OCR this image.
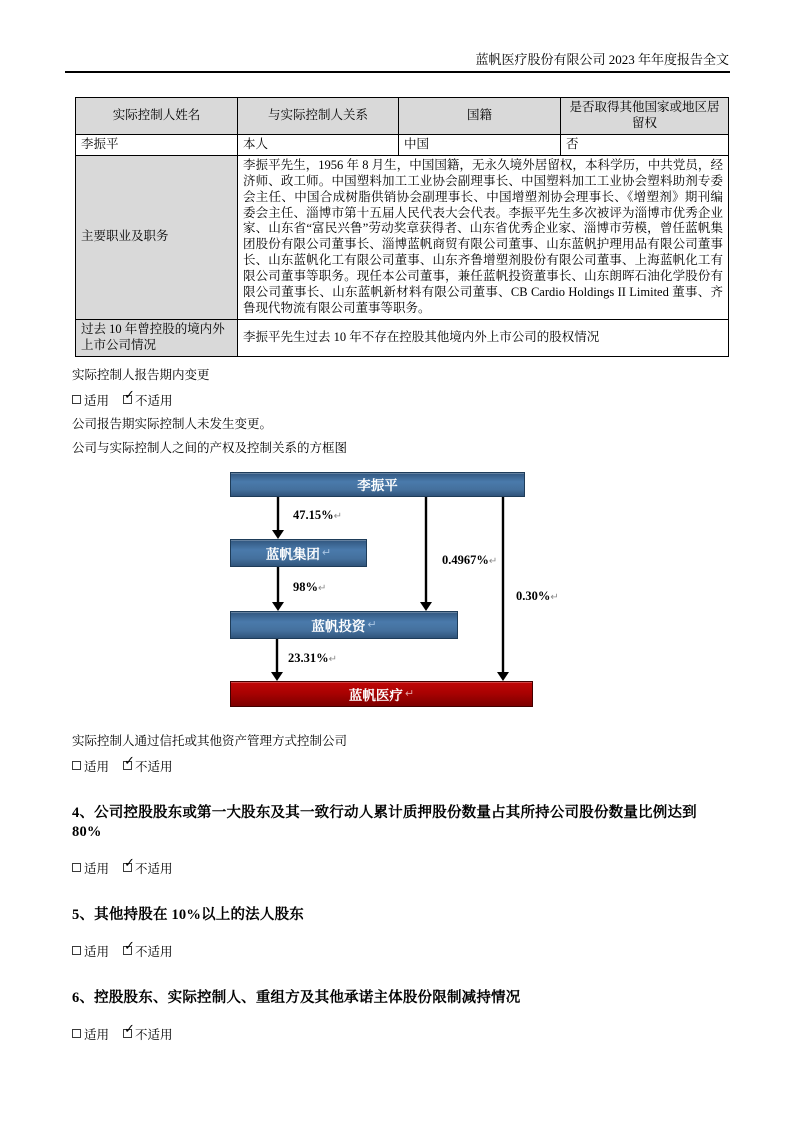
蓝帆医疗股份有限公司 2023 年年度报告全文
实际控制人姓名	与实际控制人关系	国籍	是否取得其他国家或地区居留权
李振平	本人	中国	否
主要职业及职务	李振平先生，1956 年 8 月生，中国国籍，无永久境外居留权，本科学历，中共党员，经济师、政工师。中国塑料加工工业协会副理事长、中国塑料加工工业协会塑料助剂专委会主任、中国合成树脂供销协会副理事长、中国增塑剂协会理事长、《增塑剂》期刊编委会主任、淄博市第十五届人民代表大会代表。李振平先生多次被评为淄博市优秀企业家、山东省“富民兴鲁”劳动奖章获得者、山东省优秀企业家、淄博市劳模，曾任蓝帆集团股份有限公司董事长、淄博蓝帆商贸有限公司董事、山东蓝帆护理用品有限公司董事长、山东蓝帆化工有限公司董事、山东齐鲁增塑剂股份有限公司董事、上海蓝帆化工有限公司董事等职务。现任本公司董事，兼任蓝帆投资董事长、山东朗晖石油化学股份有限公司董事长、山东蓝帆新材料有限公司董事、CB Cardio Holdings II Limited 董事、齐鲁现代物流有限公司董事等职务。		
过去 10 年曾控股的境内外上市公司情况	李振平先生过去 10 年不存在控股其他境内外上市公司的股权情况		
实际控制人报告期内变更
适用 ✓ 不适用
公司报告期实际控制人未发生变更。
公司与实际控制人之间的产权及控制关系的方框图
李振平
47.15%↵
蓝帆集团 ↵
98%↵
0.4967%↵
0.30%↵
蓝帆投资 ↵
23.31%↵
蓝帆医疗 ↵
实际控制人通过信托或其他资产管理方式控制公司
适用 ✓ 不适用
4、公司控股股东或第一大股东及其一致行动人累计质押股份数量占其所持公司股份数量比例达到 80%
适用 ✓ 不适用
5、其他持股在 10%以上的法人股东
适用 ✓ 不适用
6、控股股东、实际控制人、重组方及其他承诺主体股份限制减持情况
适用 ✓ 不适用
